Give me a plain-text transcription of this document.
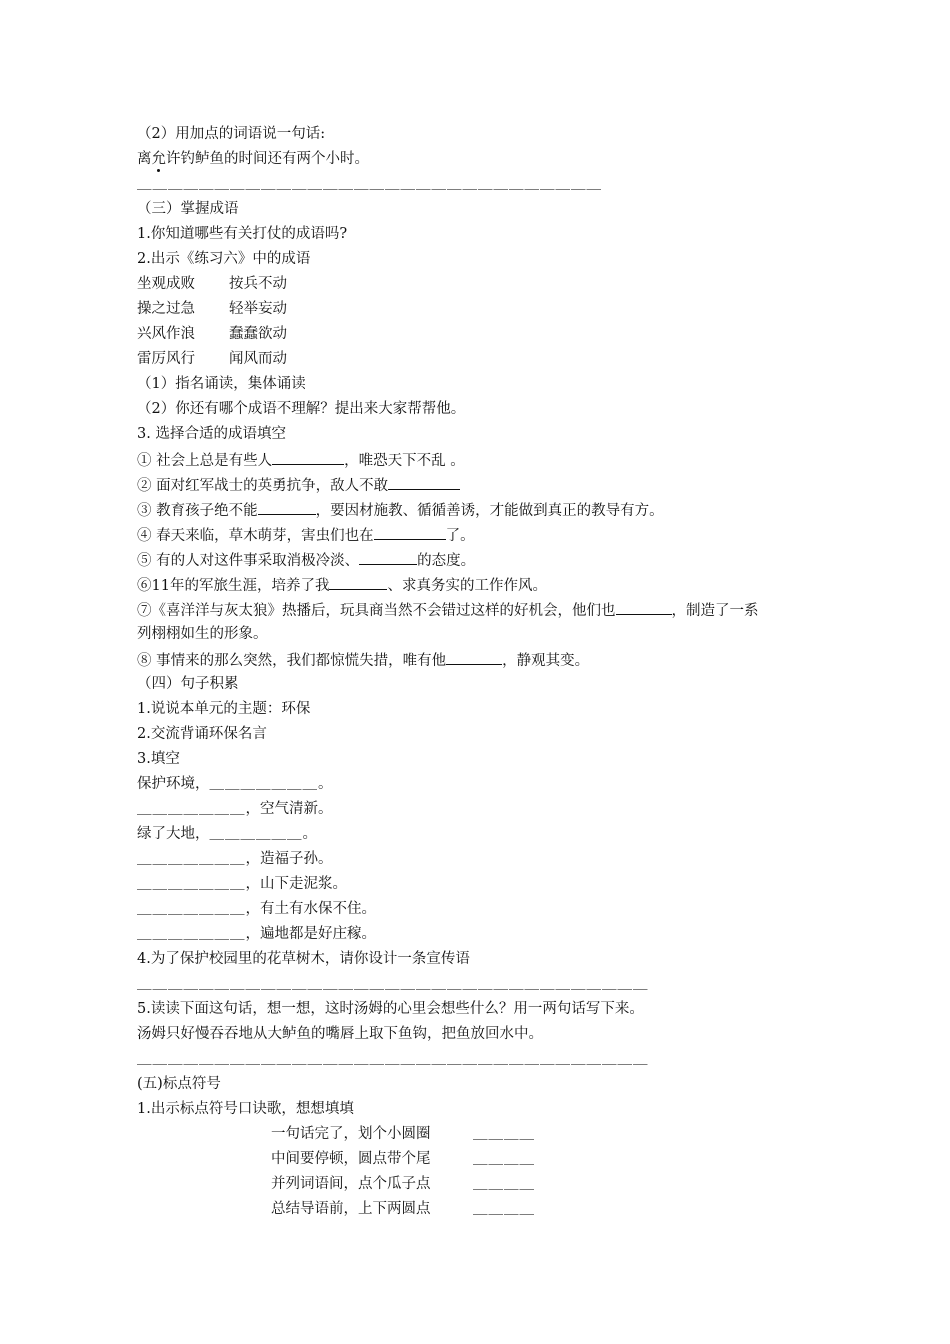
（2）用加点的词语说一句话:
离允许钓鲈鱼的时间还有两个小时。
＿＿＿＿＿＿＿＿＿＿＿＿＿＿＿＿＿＿＿＿＿＿＿＿＿＿＿＿＿＿
（三）掌握成语
1.你知道哪些有关打仗的成语吗?
2.出示《练习六》中的成语
坐观成败 按兵不动
操之过急 轻举妄动
兴风作浪 蠢蠢欲动
雷厉风行 闻风而动
（1）指名诵读，集体诵读
（2）你还有哪个成语不理解？提出来大家帮帮他。
3. 选择合适的成语填空
① 社会上总是有些人	，唯恐天下不乱 。
② 面对红军战士的英勇抗争，敌人不敢
③ 教育孩子绝不能	，要因材施教、循循善诱，才能做到真正的教导有方。
④ 春天来临，草木萌芽，害虫们也在	了。
⑤ 有的人对这件事采取消极冷淡、	的态度。
⑥11年的军旅生涯，培养了我	、求真务实的工作作风。
⑦《喜洋洋与灰太狼》热播后，玩具商当然不会错过这样的好机会，他们也	，制造了一系
列栩栩如生的形象。
⑧ 事情来的那么突然，我们都惊慌失措，唯有他	，静观其变。
（四）句子积累
1.说说本单元的主题：环保
2.交流背诵环保名言
3.填空
保护环境，＿＿＿＿＿＿＿。
＿＿＿＿＿＿＿，空气清新。
绿了大地，＿＿＿＿＿＿。
＿＿＿＿＿＿＿，造福子孙。
＿＿＿＿＿＿＿，山下走泥浆。
＿＿＿＿＿＿＿，有土有水保不住。
＿＿＿＿＿＿＿，遍地都是好庄稼。
4.为了保护校园里的花草树木，请你设计一条宣传语
＿＿＿＿＿＿＿＿＿＿＿＿＿＿＿＿＿＿＿＿＿＿＿＿＿＿＿＿＿＿＿＿＿
5.读读下面这句话，想一想，这时汤姆的心里会想些什么？用一两句话写下来。
汤姆只好慢吞吞地从大鲈鱼的嘴唇上取下鱼钩，把鱼放回水中。
＿＿＿＿＿＿＿＿＿＿＿＿＿＿＿＿＿＿＿＿＿＿＿＿＿＿＿＿＿＿＿＿＿
(五)标点符号
1.出示标点符号口诀歌，想想填填
一句话完了，划个小圆圈	＿＿＿＿
中间要停顿，圆点带个尾	＿＿＿＿
并列词语间，点个瓜子点	＿＿＿＿
总结导语前，上下两圆点	＿＿＿＿
